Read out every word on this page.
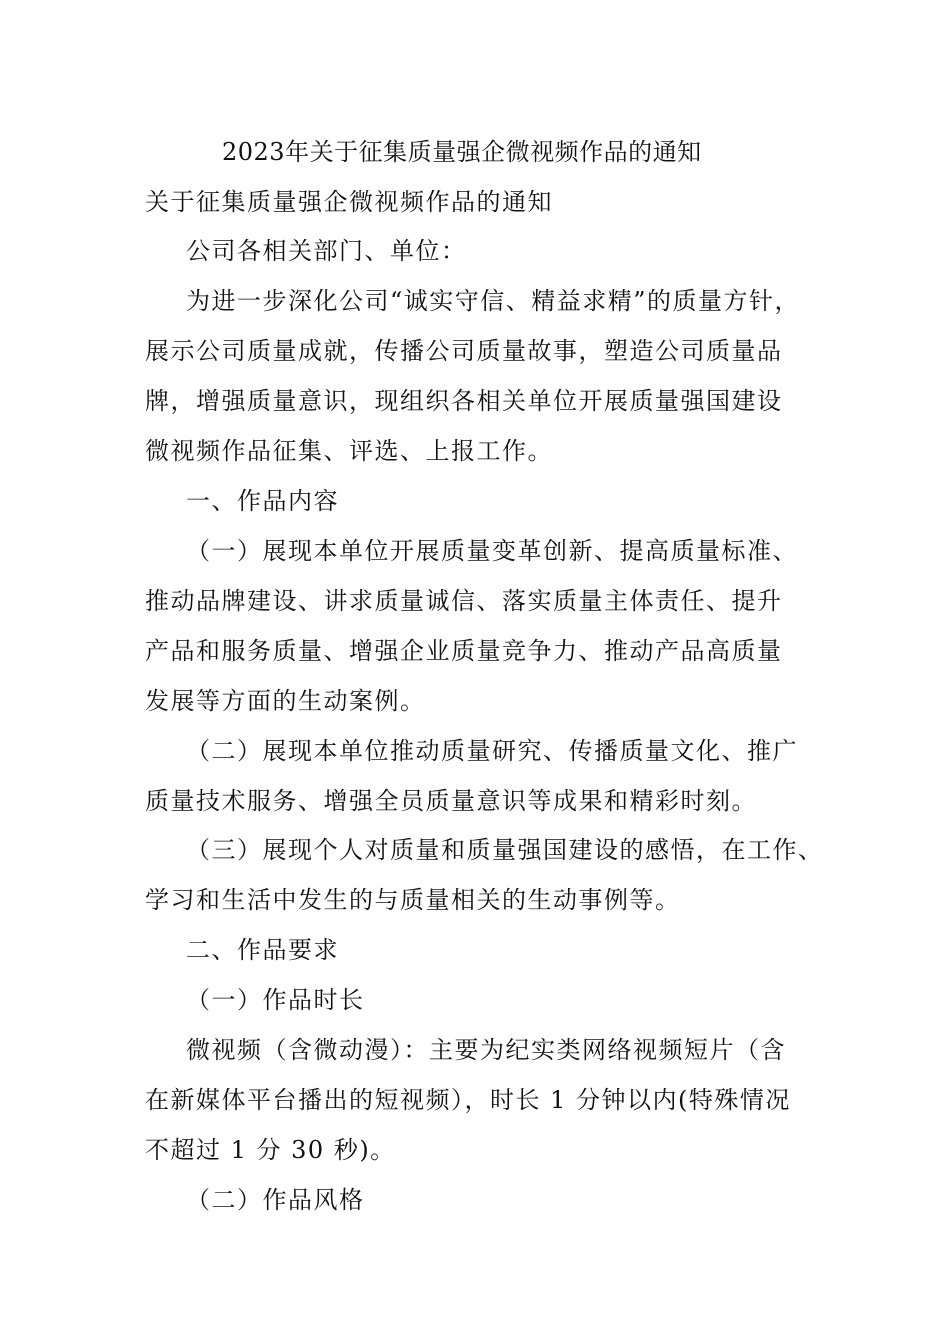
2023年关于征集质量强企微视频作品的通知
关于征集质量强企微视频作品的通知
公司各相关部门、单位：
为进一步深化公司“诚实守信、精益求精”的质量方针，
展示公司质量成就，传播公司质量故事，塑造公司质量品
牌，增强质量意识，现组织各相关单位开展质量强国建设
微视频作品征集、评选、上报工作。
一、作品内容
（一）展现本单位开展质量变革创新、提高质量标准、
推动品牌建设、讲求质量诚信、落实质量主体责任、提升
产品和服务质量、增强企业质量竞争力、推动产品高质量
发展等方面的生动案例。
（二）展现本单位推动质量研究、传播质量文化、推广
质量技术服务、增强全员质量意识等成果和精彩时刻。
（三）展现个人对质量和质量强国建设的感悟，在工作、
学习和生活中发生的与质量相关的生动事例等。
二、作品要求
（一）作品时长
微视频（含微动漫）：主要为纪实类网络视频短片（含
在新媒体平台播出的短视频），时长 1 分钟以内(特殊情况
不超过 1 分 30 秒)。
（二）作品风格
